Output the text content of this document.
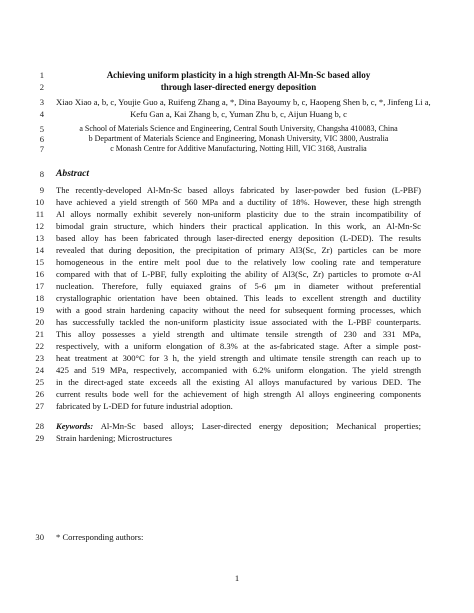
1
2
3
4
5
6
7
8
9
10
11
12
13
14
15
16
17
18
19
20
21
22
23
24
25
26
27
28
29
30
Achieving uniform plasticity in a high strength Al-Mn-Sc based alloy
through laser-directed energy deposition
Xiao Xiao a, b, c, Youjie Guo a, Ruifeng Zhang a, *, Dina Bayoumy b, c, Haopeng Shen b, c, *, Jinfeng Li a,
Kefu Gan a, Kai Zhang b, c, Yuman Zhu b, c, Aijun Huang b, c
a School of Materials Science and Engineering, Central South University, Changsha 410083, China
b Department of Materials Science and Engineering, Monash University, VIC 3800, Australia
c Monash Centre for Additive Manufacturing, Notting Hill, VIC 3168, Australia
Abstract
The recently-developed Al-Mn-Sc based alloys fabricated by laser-powder bed fusion (L-PBF)
have achieved a yield strength of 560 MPa and a ductility of 18%. However, these high strength
Al alloys normally exhibit severely non-uniform plasticity due to the strain incompatibility of
bimodal grain structure, which hinders their practical application. In this work, an Al-Mn-Sc
based alloy has been fabricated through laser-directed energy deposition (L-DED). The results
revealed that during deposition, the precipitation of primary Al3(Sc, Zr) particles can be more
homogeneous in the entire melt pool due to the relatively low cooling rate and temperature
compared with that of L-PBF, fully exploiting the ability of Al3(Sc, Zr) particles to promote α-Al
nucleation. Therefore, fully equiaxed grains of 5-6 μm in diameter without preferential
crystallographic orientation have been obtained. This leads to excellent strength and ductility
with a good strain hardening capacity without the need for subsequent forming processes, which
has successfully tackled the non-uniform plasticity issue associated with the L-PBF counterparts.
This alloy possesses a yield strength and ultimate tensile strength of 230 and 331 MPa,
respectively, with a uniform elongation of 8.3% at the as-fabricated stage. After a simple post-
heat treatment at 300°C for 3 h, the yield strength and ultimate tensile strength can reach up to
425 and 519 MPa, respectively, accompanied with 6.2% uniform elongation. The yield strength
in the direct-aged state exceeds all the existing Al alloys manufactured by various DED. The
current results bode well for the achievement of high strength Al alloys engineering components
fabricated by L-DED for future industrial adoption.
Keywords: Al-Mn-Sc based alloys; Laser-directed energy deposition; Mechanical properties;
Strain hardening; Microstructures
* Corresponding authors:
1
